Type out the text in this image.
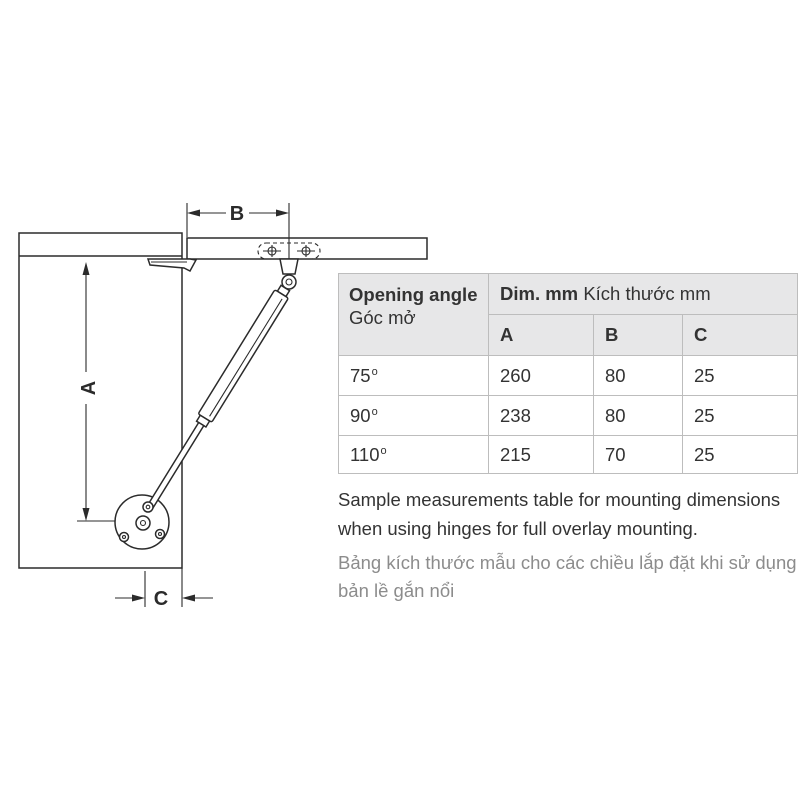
A
B
C
Opening angle
Góc mở	Dim. mm Kích thước mm		
	A	B	C
75$^o$	260	80	25
90$^o$	238	80	25
110$^o$	215	70	25
Sample measurements table for mounting dimensions
when using hinges for full overlay mounting.
Bảng kích thước mẫu cho các chiều lắp đặt khi sử dụng
bản lề gắn nổi
